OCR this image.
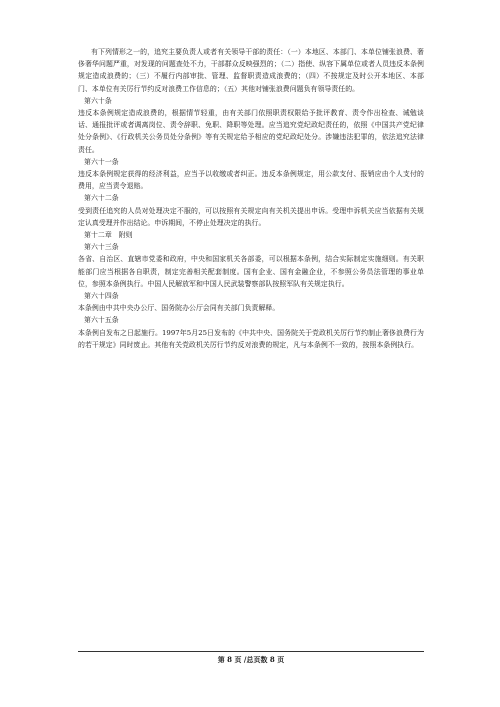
有下列情形之一的，追究主要负责人或者有关领导干部的责任：（一）本地区、本部门、本单位铺张浪费、奢侈奢华问题严重，对发现的问题查处不力，干部群众反映强烈的；（二）指使、纵容下属单位或者人员违反本条例规定造成浪费的；（三）不履行内部审批、管理、监督职责造成浪费的；（四）不按规定及时公开本地区、本部门、本单位有关厉行节约反对浪费工作信息的；（五）其他对铺张浪费问题负有领导责任的。

第六十条

违反本条例规定造成浪费的，根据情节轻重，由有关部门依照职责权限给予批评教育、责令作出检查、诫勉谈话、通报批评或者调离岗位、责令辞职、免职、降职等处理。应当追究党纪政纪责任的，依照《中国共产党纪律处分条例》、《行政机关公务员处分条例》等有关规定给予相应的党纪政纪处分。涉嫌违法犯罪的，依法追究法律责任。

第六十一条

违反本条例规定获得的经济利益，应当予以收缴或者纠正。违反本条例规定，用公款支付、报销应由个人支付的费用，应当责令退赔。

第六十二条

受到责任追究的人员对处理决定不服的，可以按照有关规定向有关机关提出申诉。受理申诉机关应当依据有关规定认真受理并作出结论。申诉期间，不停止处理决定的执行。

第十二章　附则

第六十三条

各省、自治区、直辖市党委和政府，中央和国家机关各部委，可以根据本条例，结合实际制定实施细则。有关职能部门应当根据各自职责，制定完善相关配套制度。国有企业、国有金融企业，不参照公务员法管理的事业单位，参照本条例执行。中国人民解放军和中国人民武装警察部队按照军队有关规定执行。

第六十四条

本条例由中共中央办公厅、国务院办公厅会同有关部门负责解释。

第六十五条

本条例自发布之日起施行。1997年5月25日发布的《中共中央、国务院关于党政机关厉行节约制止奢侈浪费行为的若干规定》同时废止。其他有关党政机关厉行节约反对浪费的规定，凡与本条例不一致的，按照本条例执行。

第 8 页 /总页数 8 页
